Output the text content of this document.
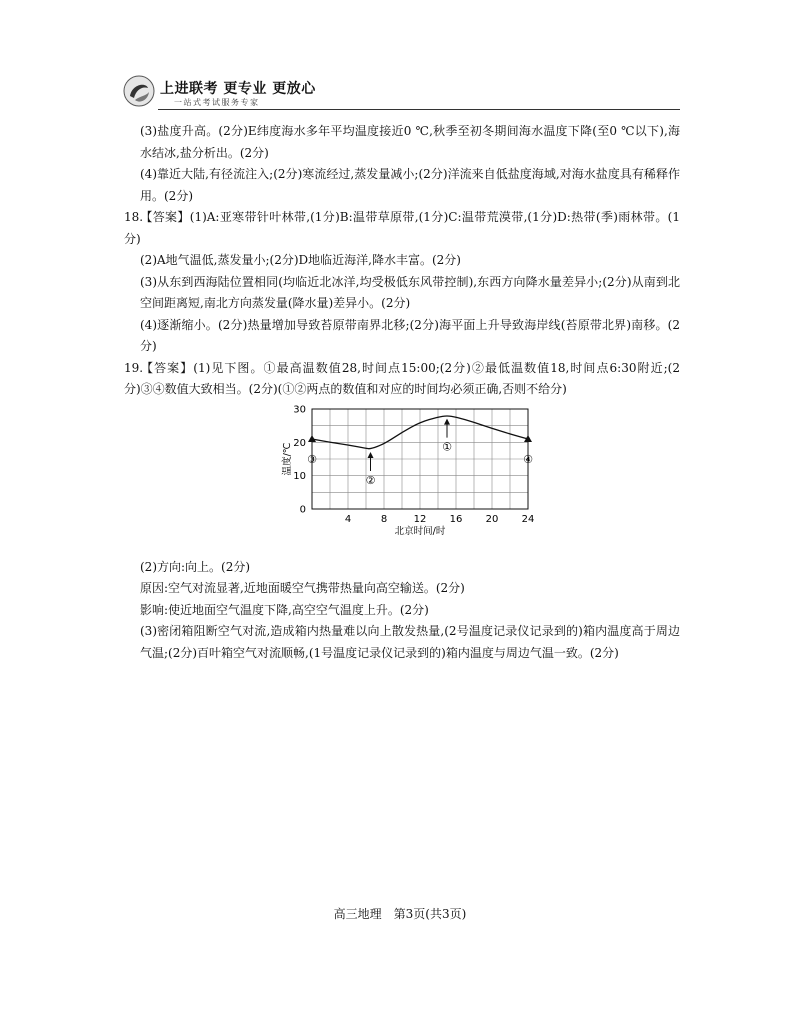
上进联考 更专业 更放心
一站式考试服务专家

(3)盐度升高。(2分)E纬度海水多年平均温度接近0 ℃,秋季至初冬期间海水温度下降(至0 ℃以下),海水结冰,盐分析出。(2分)

(4)靠近大陆,有径流注入;(2分)寒流经过,蒸发量减小;(2分)洋流来自低盐度海域,对海水盐度具有稀释作用。(2分)

18.【答案】(1)A:亚寒带针叶林带,(1分)B:温带草原带,(1分)C:温带荒漠带,(1分)D:热带(季)雨林带。(1分)

(2)A地气温低,蒸发量小;(2分)D地临近海洋,降水丰富。(2分)

(3)从东到西海陆位置相同(均临近北冰洋,均受极低东风带控制),东西方向降水量差异小;(2分)从南到北空间距离短,南北方向蒸发量(降水量)差异小。(2分)

(4)逐渐缩小。(2分)热量增加导致苔原带南界北移;(2分)海平面上升导致海岸线(苔原带北界)南移。(2分)

19.【答案】(1)见下图。①最高温数值28,时间点15:00;(2分)②最低温数值18,时间点6:30附近;(2分)③④数值大致相当。(2分)(①②两点的数值和对应的时间均必须正确,否则不给分)

0
10
20
30
4	8	12 16 20 24
北京时间/时
温度/℃	①
②
③	④

(2)方向:向上。(2分)

原因:空气对流显著,近地面暖空气携带热量向高空输送。(2分)

影响:使近地面空气温度下降,高空空气温度上升。(2分)

(3)密闭箱阻断空气对流,造成箱内热量难以向上散发热量,(2号温度记录仪记录到的)箱内温度高于周边气温;(2分)百叶箱空气对流顺畅,(1号温度记录仪记录到的)箱内温度与周边气温一致。(2分)

高三地理　第3页(共3页)
